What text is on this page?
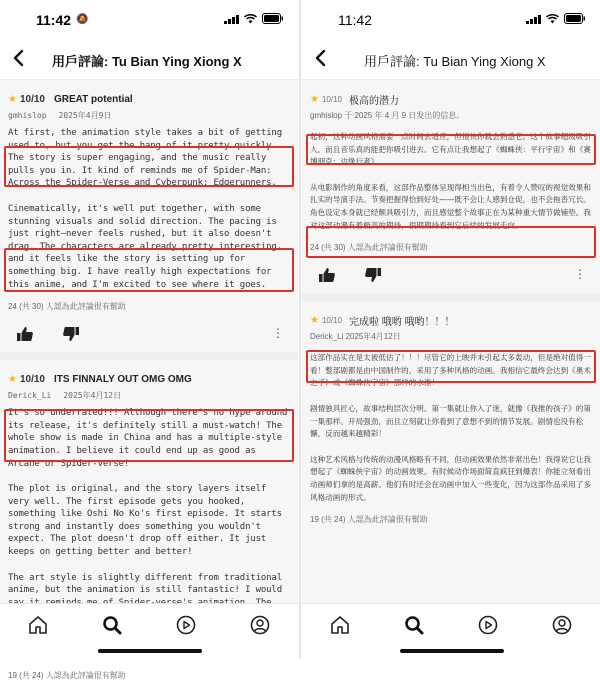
11:42 🔕
用戶評論: Tu Bian Ying Xiong X
★ 10/10 GREAT potential
gmhislop 2025年4月9日

At first, the animation style takes a bit of getting used to, but you get the hang of it pretty quickly. The story is super engaging, and the music really pulls you in. It kind of reminds me of Spider-Man: Across the Spider-Verse and Cyberpunk: Edgerunners.

Cinematically, it's well put together, with some stunning visuals and solid direction. The pacing is just right—never feels rushed, but it also doesn't drag. The characters are already pretty interesting, and it feels like the story is setting up for something big. I have really high expectations for this anime, and I'm excited to see where it goes.

24 (共 30) 人認為此評論很有幫助
⋮
★ 10/10 ITS FINNALY OUT OMG OMG
Derick_Li 2025年4月12日

It's so underrated!!! Although there's no hype around its release, it's definitely still a must-watch! The whole show is made in China and has a multiple-style animation. I believe it could end up as good as Arcane or Spider-verse!

The plot is original, and the story layers itself very well. The first episode gets you hooked, something like Oshi No Ko's first episode. It starts strong and instantly does something you wouldn't expect. The plot doesn't drop off either. It just keeps on getting better and better!

The art style is slightly different from traditional anime, but the animation is still fantastic! I would

19 (共 24) 人認為此評論很有幫助
11:42
用戶評論: Tu Bian Ying Xiong X
★ 10/10 极高的潜力
gmhislop 于 2025 年 4 月 9 日发出的信息。

起初，这种动画风格需要一点时间去适应，但很快你就会熟悉它。这个故事超级吸引人，而且音乐真的能把你吸引进去。它有点让我想起了《蜘蛛侠：平行宇宙》和《赛博朋克：边缘行者》。

从电影制作的角度来看，这部作品整体呈现得相当出色，有着令人赞叹的视觉效果和扎实的导演手法。节奏把握得恰到好处——既不会让人感到仓促，也不会拖沓冗长。角色设定本身就已经颇具吸引力，而且感觉整个故事正在为某种重大情节做铺垫。我对这部动漫有着极高的期待，很期期待看到它后续的发展走向。

24 (共 30) 人認為此評論很有幫助
⋮
★ 10/10 完成啦 哦哟 哦哟！！！
Derick_Li 2025年4月12日

这部作品实在是太被低估了！！！尽管它的上映并未引起太多轰动，但是绝对值得一看！整部剧都是由中国制作的，采用了多种风格的动画。我相信它最终会达到《奥术之子》或《蜘蛛侠宇宙》那样的水准！

剧情独具匠心，故事结构层次分明。第一集就让你入了迷，就像《我推的孩子》的第一集那样。开局强劲，而且立刻就让你看到了意想不到的情节发展。剧情也没有松懈，反而越来越精彩！

这种艺术风格与传统的动漫风格略有不同，但动画效果依然非常出色！我得说它让我想起了《蜘蛛侠宇宙》的动画效果。有时候动作场面简直疯狂到爆表！你能立刻看出动画师们拿的是高薪。他们有时还会在动画中加入一些变化，因为这部作品采用了多风格动画的形式。

19 (共 24) 人認為此評論很有幫助
